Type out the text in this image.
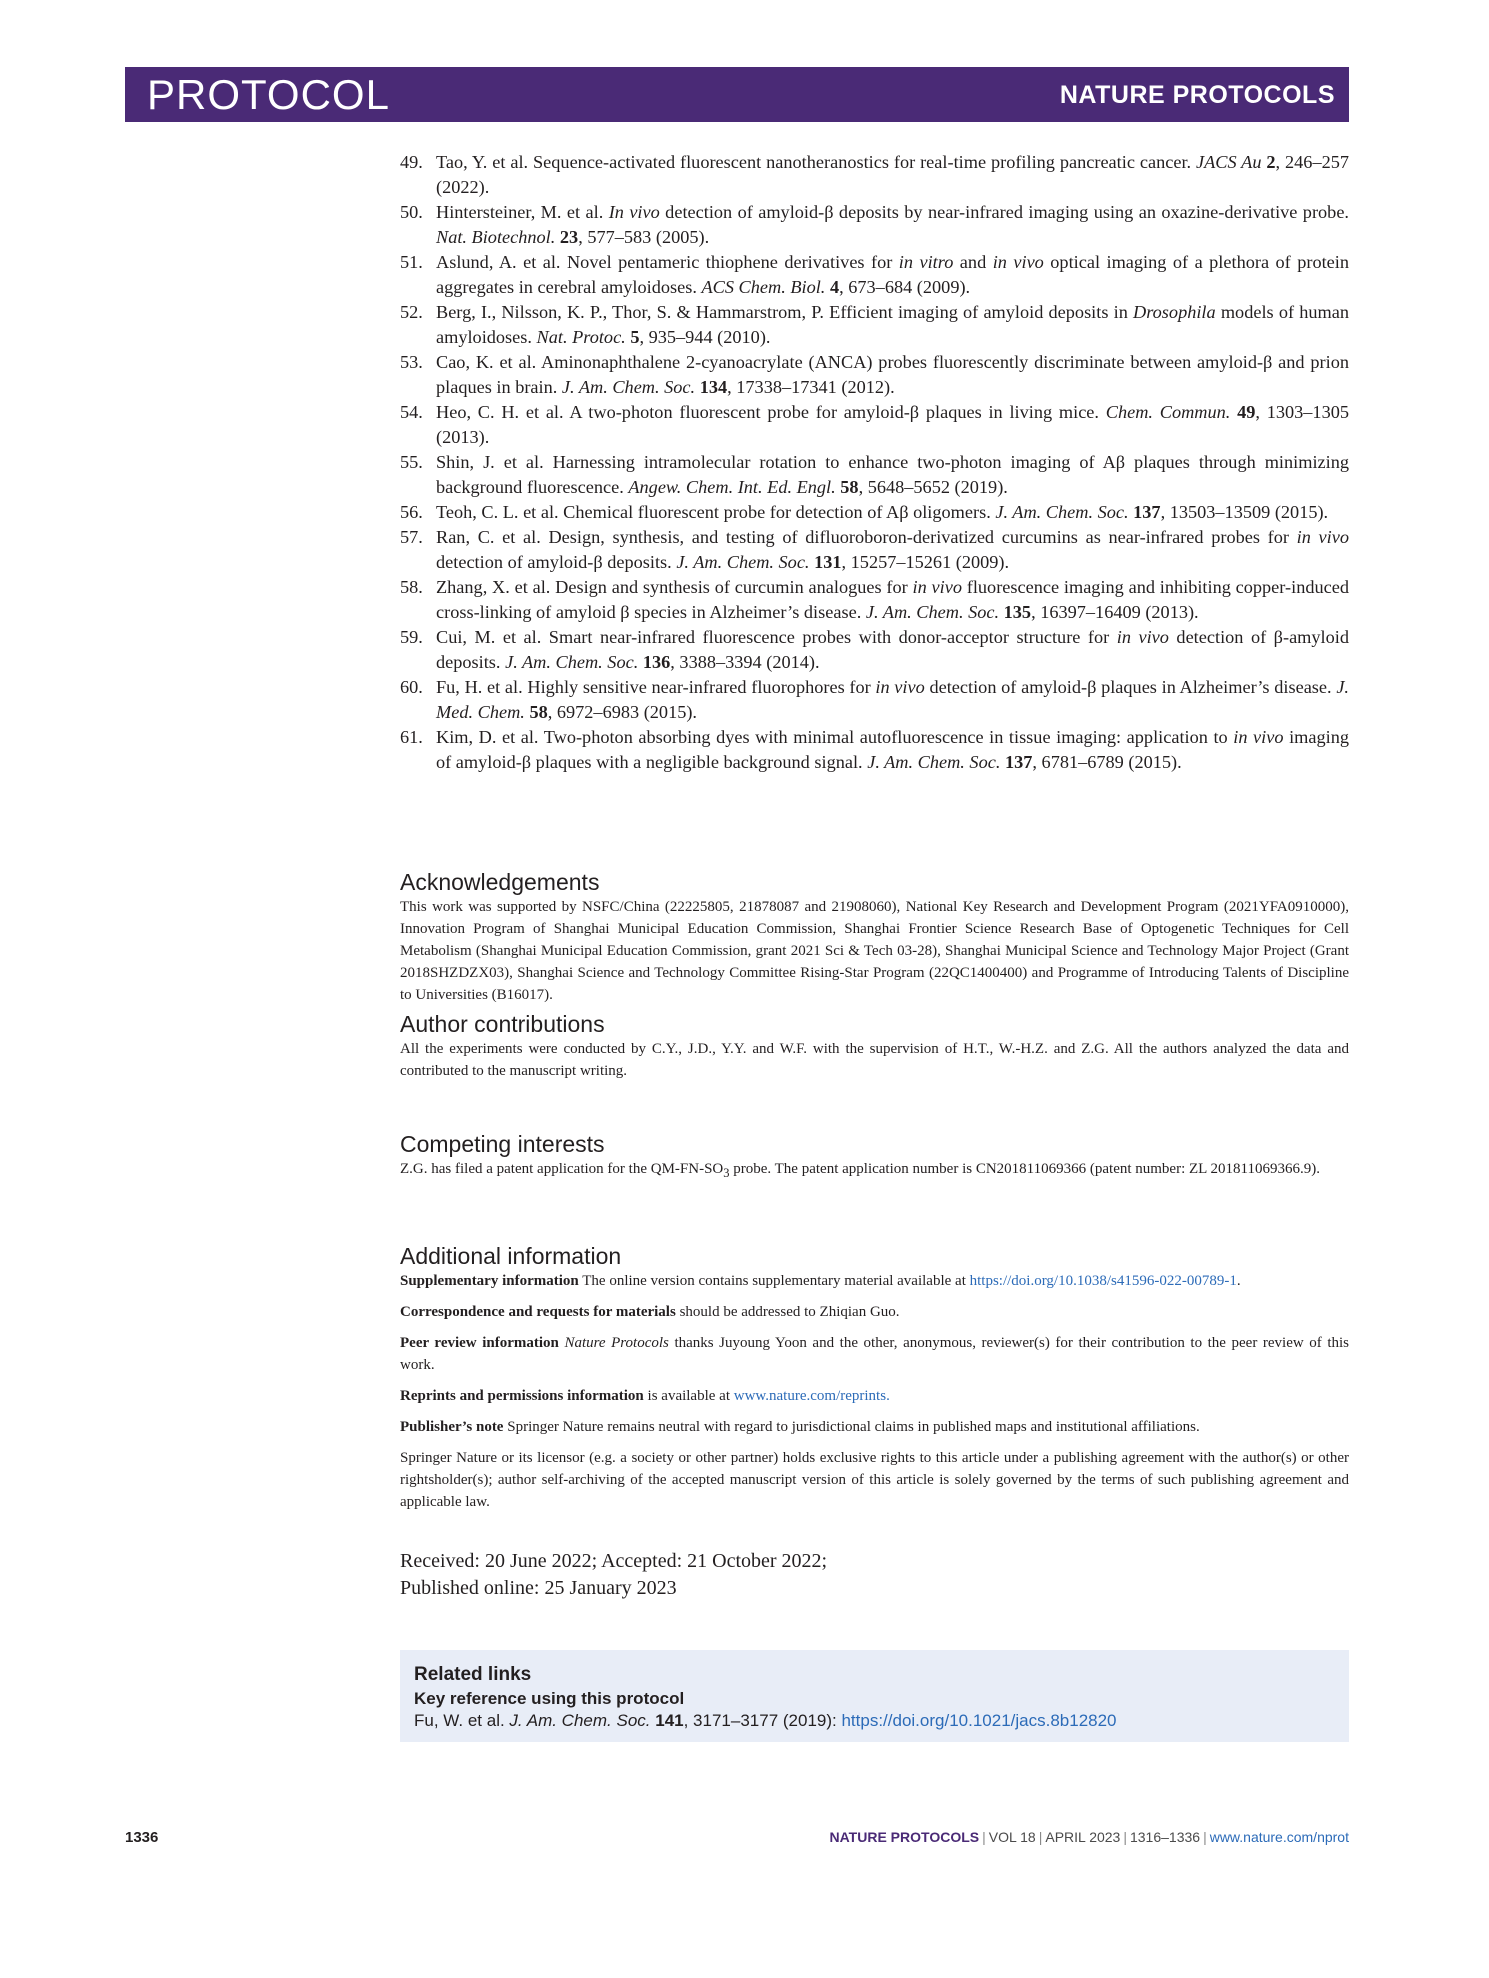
PROTOCOL	NATURE PROTOCOLS
49. Tao, Y. et al. Sequence-activated fluorescent nanotheranostics for real-time profiling pancreatic cancer. JACS Au 2, 246–257 (2022).
50. Hintersteiner, M. et al. In vivo detection of amyloid-β deposits by near-infrared imaging using an oxazine-derivative probe. Nat. Biotechnol. 23, 577–583 (2005).
51. Aslund, A. et al. Novel pentameric thiophene derivatives for in vitro and in vivo optical imaging of a plethora of protein aggregates in cerebral amyloidoses. ACS Chem. Biol. 4, 673–684 (2009).
52. Berg, I., Nilsson, K. P., Thor, S. & Hammarstrom, P. Efficient imaging of amyloid deposits in Drosophila models of human amyloidoses. Nat. Protoc. 5, 935–944 (2010).
53. Cao, K. et al. Aminonaphthalene 2-cyanoacrylate (ANCA) probes fluorescently discriminate between amyloid-β and prion plaques in brain. J. Am. Chem. Soc. 134, 17338–17341 (2012).
54. Heo, C. H. et al. A two-photon fluorescent probe for amyloid-β plaques in living mice. Chem. Commun. 49, 1303–1305 (2013).
55. Shin, J. et al. Harnessing intramolecular rotation to enhance two-photon imaging of Aβ plaques through minimizing background fluorescence. Angew. Chem. Int. Ed. Engl. 58, 5648–5652 (2019).
56. Teoh, C. L. et al. Chemical fluorescent probe for detection of Aβ oligomers. J. Am. Chem. Soc. 137, 13503–13509 (2015).
57. Ran, C. et al. Design, synthesis, and testing of difluoroboron-derivatized curcumins as near-infrared probes for in vivo detection of amyloid-β deposits. J. Am. Chem. Soc. 131, 15257–15261 (2009).
58. Zhang, X. et al. Design and synthesis of curcumin analogues for in vivo fluorescence imaging and inhibiting copper-induced cross-linking of amyloid β species in Alzheimer’s disease. J. Am. Chem. Soc. 135, 16397–16409 (2013).
59. Cui, M. et al. Smart near-infrared fluorescence probes with donor-acceptor structure for in vivo detection of β-amyloid deposits. J. Am. Chem. Soc. 136, 3388–3394 (2014).
60. Fu, H. et al. Highly sensitive near-infrared fluorophores for in vivo detection of amyloid-β plaques in Alzheimer’s disease. J. Med. Chem. 58, 6972–6983 (2015).
61. Kim, D. et al. Two-photon absorbing dyes with minimal autofluorescence in tissue imaging: application to in vivo imaging of amyloid-β plaques with a negligible background signal. J. Am. Chem. Soc. 137, 6781–6789 (2015).
Acknowledgements

This work was supported by NSFC/China (22225805, 21878087 and 21908060), National Key Research and Development Program (2021YFA0910000), Innovation Program of Shanghai Municipal Education Commission, Shanghai Frontier Science Research Base of Optogenetic Techniques for Cell Metabolism (Shanghai Municipal Education Commission, grant 2021 Sci & Tech 03-28), Shanghai Municipal Science and Technology Major Project (Grant 2018SHZDZX03), Shanghai Science and Technology Committee Rising-Star Program (22QC1400400) and Programme of Introducing Talents of Discipline to Universities (B16017).

Author contributions

All the experiments were conducted by C.Y., J.D., Y.Y. and W.F. with the supervision of H.T., W.-H.Z. and Z.G. All the authors analyzed the data and contributed to the manuscript writing.

Competing interests

Z.G. has filed a patent application for the $QM-FN-SO_3$ probe. The patent application number is CN201811069366 (patent number: ZL 201811069366.9).

Additional information

Supplementary information The online version contains supplementary material available at https://doi.org/10.1038/s41596-022-00789-1.

Correspondence and requests for materials should be addressed to Zhiqian Guo.

Peer review information Nature Protocols thanks Juyoung Yoon and the other, anonymous, reviewer(s) for their contribution to the peer review of this work.

Reprints and permissions information is available at www.nature.com/reprints.

Publisher’s note Springer Nature remains neutral with regard to jurisdictional claims in published maps and institutional affiliations.

Springer Nature or its licensor (e.g. a society or other partner) holds exclusive rights to this article under a publishing agreement with the author(s) or other rightsholder(s); author self-archiving of the accepted manuscript version of this article is solely governed by the terms of such publishing agreement and applicable law.

Received: 20 June 2022; Accepted: 21 October 2022;
Published online: 25 January 2023
Related links
Key reference using this protocol
Fu, W. et al. J. Am. Chem. Soc. 141, 3171–3177 (2019): https://doi.org/10.1021/jacs.8b12820
1336	NATURE PROTOCOLS | VOL 18 | APRIL 2023 | 1316–1336 | www.nature.com/nprot
